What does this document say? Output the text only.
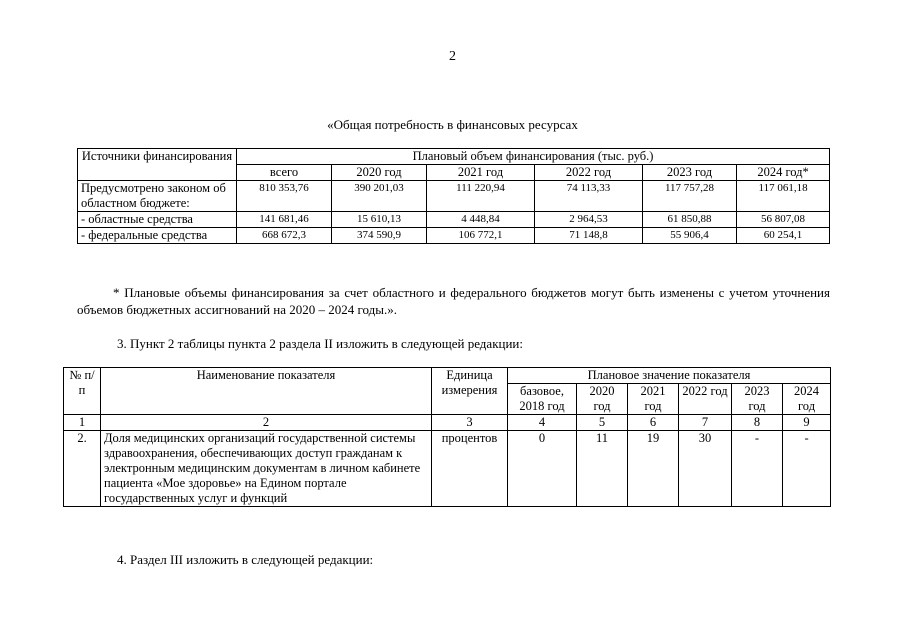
2
«Общая потребность в финансовых ресурсах
Источники финансирования	Плановый объем финансирования (тыс. руб.)					
	всего	2020 год	2021 год	2022 год	2023 год	2024 год*
Предусмотрено законом об областном бюджете:	810 353,76	390 201,03	111 220,94	74 113,33	117 757,28	117 061,18
- областные средства	141 681,46	15 610,13	4 448,84	2 964,53	61 850,88	56 807,08
- федеральные средства	668 672,3	374 590,9	106 772,1	71 148,8	55 906,4	60 254,1
* Плановые объемы финансирования за счет областного и федерального бюджетов могут быть изменены с учетом уточнения объемов бюджетных ассигнований на 2020 – 2024 годы.».
3. Пункт 2 таблицы пункта 2 раздела II изложить в следующей редакции:
№ п/п	Наименование показателя	Единица измерения	Плановое значение показателя					
			базовое, 2018 год	2020 год	2021 год	2022 год	2023 год	2024 год
1	2	3	4	5	6	7	8	9
2.	Доля медицинских организаций государственной системы здравоохранения, обеспечивающих доступ гражданам к электронным медицинским документам в личном кабинете пациента «Мое здоровье» на Едином портале государственных услуг и функций	процентов	0	11	19	30	-	-
4. Раздел III изложить в следующей редакции:
